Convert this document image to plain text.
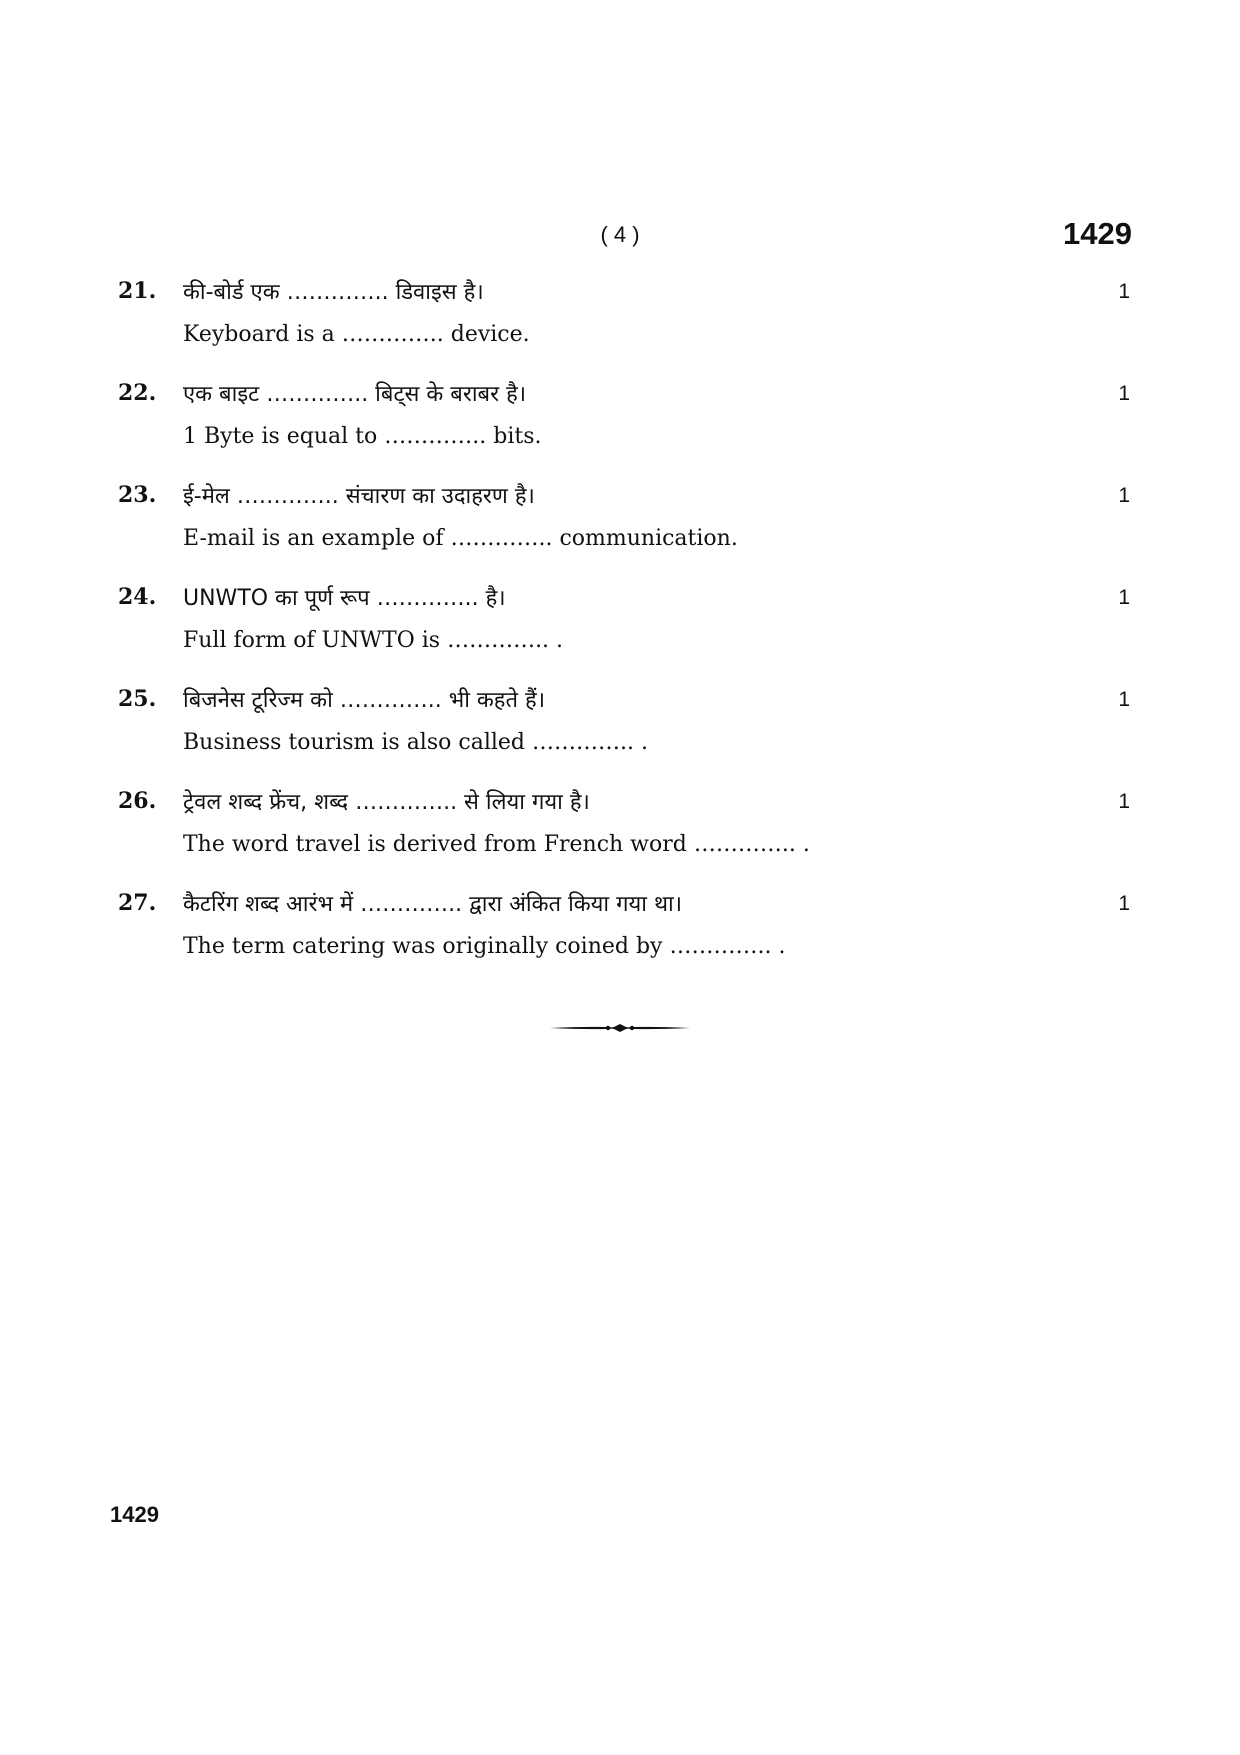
( 4 )	1429
21. की-बोर्ड एक ………….. डिवाइस है।
Keyboard is a ………….. device.
1
22. एक बाइट ………….. बिट्स के बराबर है।
1 Byte is equal to ………….. bits.
1
23. ई-मेल ………….. संचारण का उदाहरण है।
E-mail is an example of ………….. communication.
1
24. UNWTO का पूर्ण रूप ………….. है।
Full form of UNWTO is ………….. .
1
25. बिजनेस टूरिज्म को ………….. भी कहते हैं।
Business tourism is also called ………….. .
1
26. ट्रेवल शब्द फ्रेंच, शब्द ………….. से लिया गया है।
The word travel is derived from French word ………….. .
1
27. कैटरिंग शब्द आरंभ में ………….. द्वारा अंकित किया गया था।
The term catering was originally coined by ………….. .
1
1429
